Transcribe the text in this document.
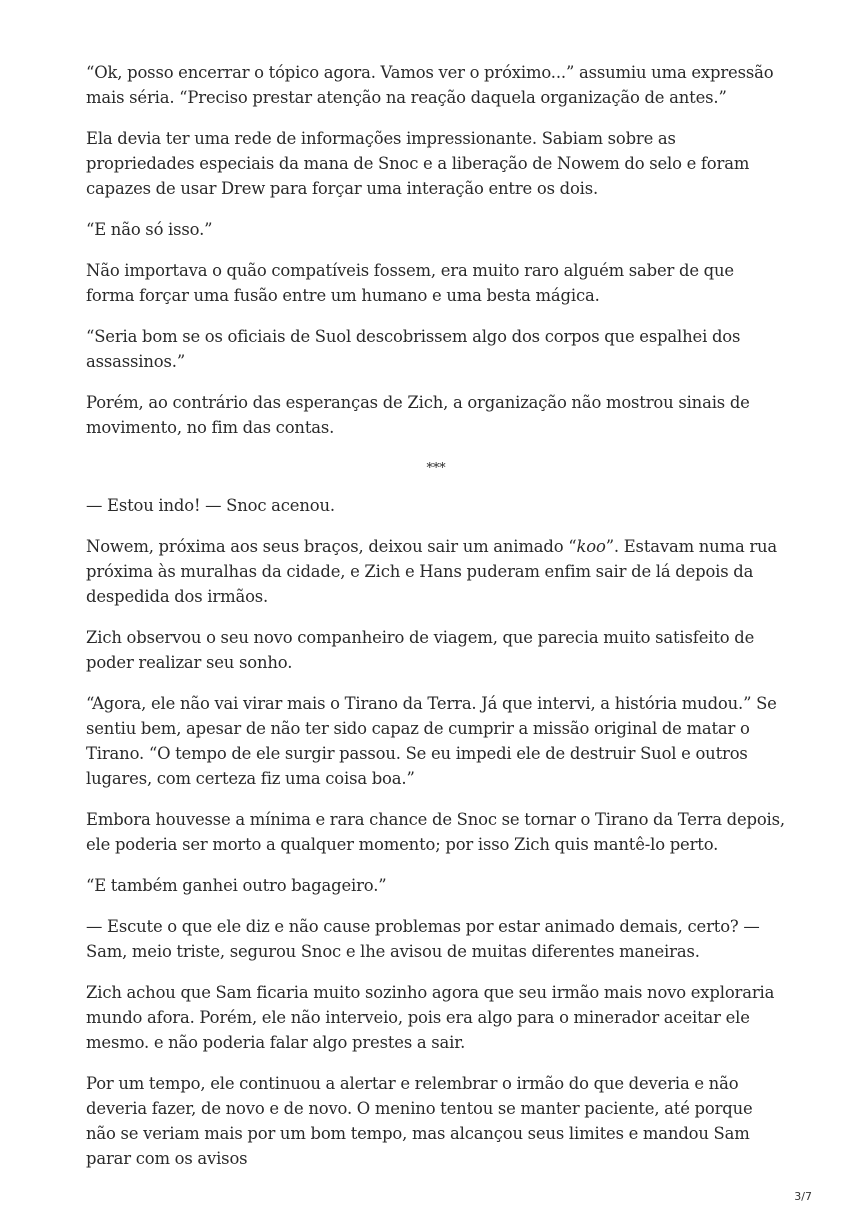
“Ok, posso encerrar o tópico agora. Vamos ver o próximo...” assumiu uma expressão mais séria. “Preciso prestar atenção na reação daquela organização de antes.”

Ela devia ter uma rede de informações impressionante. Sabiam sobre as propriedades especiais da mana de Snoc e a liberação de Nowem do selo e foram capazes de usar Drew para forçar uma interação entre os dois.

“E não só isso.”

Não importava o quão compatíveis fossem, era muito raro alguém saber de que forma forçar uma fusão entre um humano e uma besta mágica.

“Seria bom se os oficiais de Suol descobrissem algo dos corpos que espalhei dos assassinos.”

Porém, ao contrário das esperanças de Zich, a organização não mostrou sinais de movimento, no fim das contas.

***

— Estou indo! — Snoc acenou.

Nowem, próxima aos seus braços, deixou sair um animado “koo”. Estavam numa rua próxima às muralhas da cidade, e Zich e Hans puderam enfim sair de lá depois da despedida dos irmãos.

Zich observou o seu novo companheiro de viagem, que parecia muito satisfeito de poder realizar seu sonho.

“Agora, ele não vai virar mais o Tirano da Terra. Já que intervi, a história mudou.” Se sentiu bem, apesar de não ter sido capaz de cumprir a missão original de matar o Tirano. “O tempo de ele surgir passou. Se eu impedi ele de destruir Suol e outros lugares, com certeza fiz uma coisa boa.”

Embora houvesse a mínima e rara chance de Snoc se tornar o Tirano da Terra depois, ele poderia ser morto a qualquer momento; por isso Zich quis mantê-lo perto.

“E também ganhei outro bagageiro.”

— Escute o que ele diz e não cause problemas por estar animado demais, certo? — Sam, meio triste, segurou Snoc e lhe avisou de muitas diferentes maneiras.

Zich achou que Sam ficaria muito sozinho agora que seu irmão mais novo exploraria mundo afora. Porém, ele não interveio, pois era algo para o minerador aceitar ele mesmo. e não poderia falar algo prestes a sair.

Por um tempo, ele continuou a alertar e relembrar o irmão do que deveria e não deveria fazer, de novo e de novo. O menino tentou se manter paciente, até porque não se veriam mais por um bom tempo, mas alcançou seus limites e mandou Sam parar com os avisos

3/7
